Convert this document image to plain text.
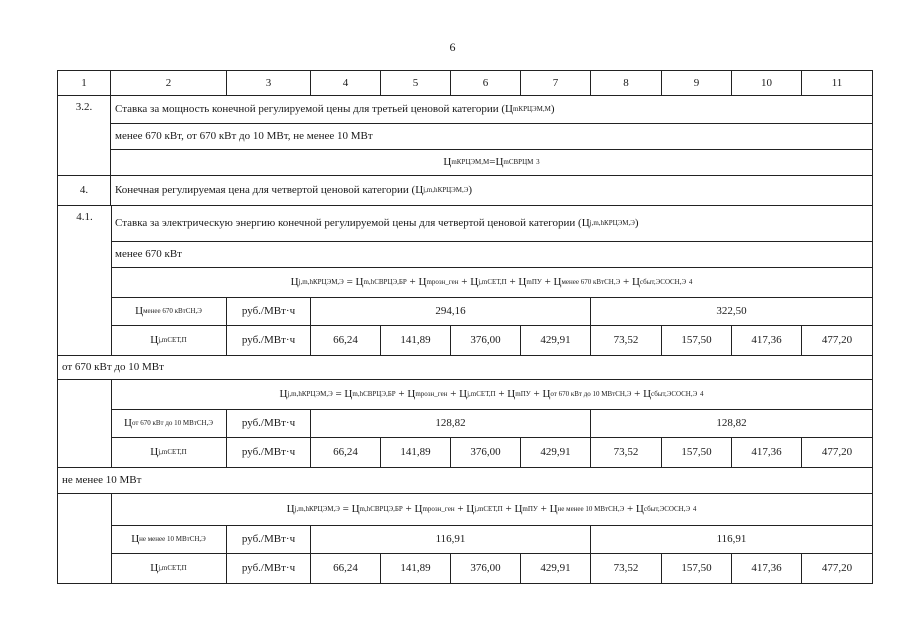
6
1	2	3	4	5	6	7	8	9	10	11
3.2.	Ставка за мощность конечной регулируемой цены для третьей ценовой категории (Ц m КРЦЭМ,М )
менее 670 кВт, от 670 кВт до 10 МВт, не менее 10 МВт
Ц m КРЦЭМ,М = Ц m СВРЦМ
3
4.	Конечная регулируемая цена для четвертой ценовой категории (Ц j,m,h КРЦЭМ,Э )
4.1.	Ставка за электрическую энергию конечной регулируемой цены для четвертой ценовой категории (Ц j,m,h КРЦЭМ,Э )
менее 670 кВт
Ц j,m,h КРЦЭМ,Э = Ц m,h СВРЦЭ,БР + Ц m розн_ген + Ц j,m СЕТ,П + Ц m ПУ + Ц менее 670 кВт СН,Э + Ц сбыт,ЭСО СН,Э
4
Ц менее 670 кВт СН,Э	руб./МВт·ч	294,16	322,50
Ц j,m СЕТ,П	руб./МВт·ч	66,24	141,89	376,00	429,91	73,52	157,50	417,36	477,20
от 670 кВт до 10 МВт
Ц j,m,h КРЦЭМ,Э = Ц m,h СВРЦЭ,БР + Ц m розн_ген + Ц j,m СЕТ,П + Ц m ПУ + Ц от 670 кВт до 10 МВт СН,Э + Ц сбыт,ЭСО СН,Э
4
Ц от 670 кВт до 10 МВт СН,Э	руб./МВт·ч	128,82	128,82
Ц j,m СЕТ,П	руб./МВт·ч	66,24	141,89	376,00	429,91	73,52	157,50	417,36	477,20
не менее 10 МВт
Ц j,m,h КРЦЭМ,Э = Ц m,h СВРЦЭ,БР + Ц m розн_ген + Ц j,m СЕТ,П + Ц m ПУ + Ц не менее 10 МВт СН,Э + Ц сбыт,ЭСО СН,Э
4
Ц не менее 10 МВт СН,Э	руб./МВт·ч	116,91	116,91
Ц j,m СЕТ,П	руб./МВт·ч	66,24	141,89	376,00	429,91	73,52	157,50	417,36	477,20
